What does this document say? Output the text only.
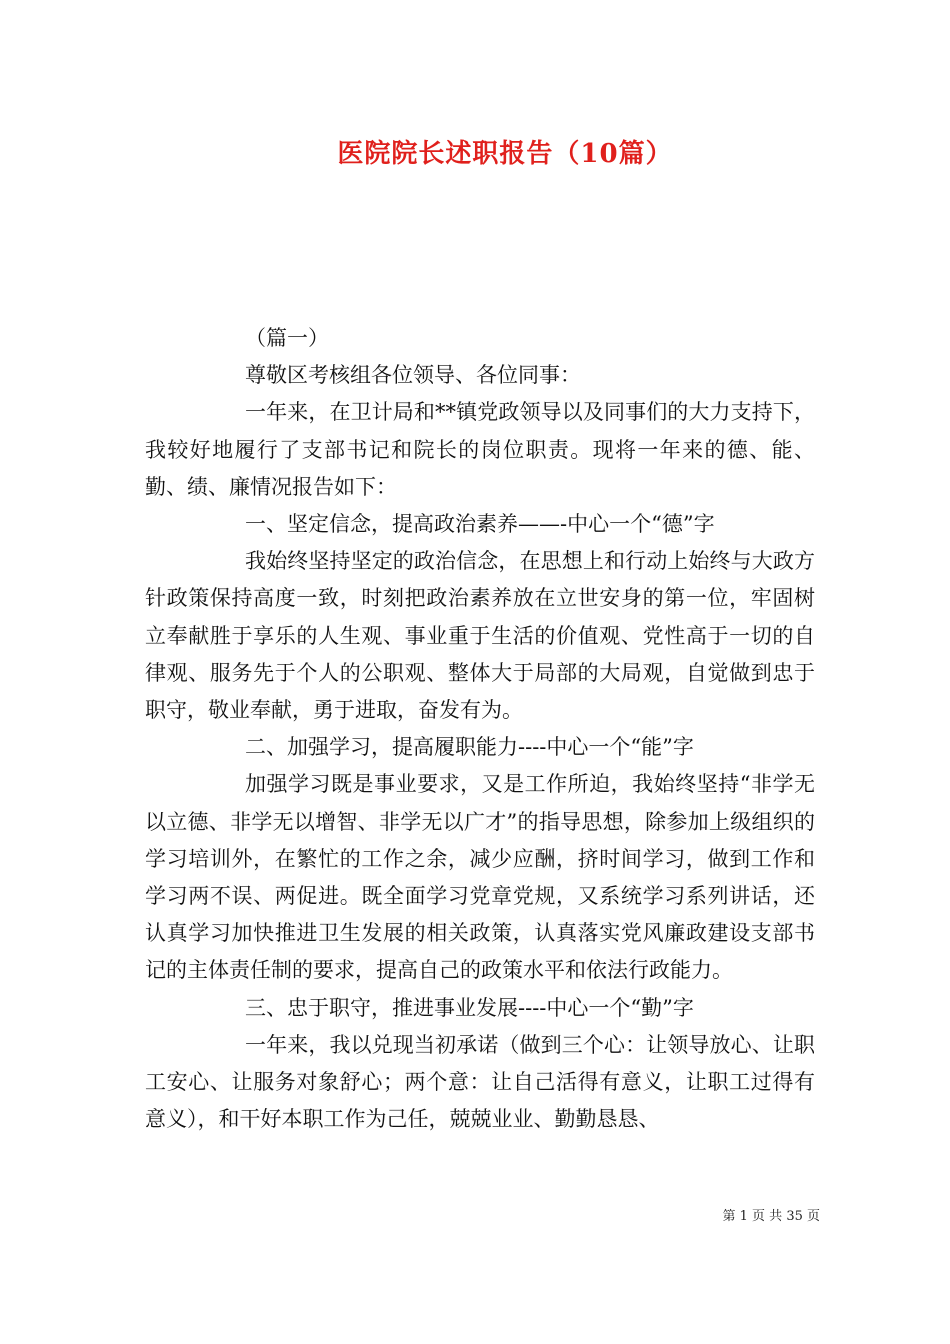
医院院长述职报告（10篇）

（篇一）

尊敬区考核组各位领导、各位同事：

一年来，在卫计局和**镇党政领导以及同事们的大力支持下，我较好地履行了支部书记和院长的岗位职责。现将一年来的德、能、勤、绩、廉情况报告如下：

一、坚定信念，提高政治素养——-中心一个“德”字

我始终坚持坚定的政治信念，在思想上和行动上始终与大政方针政策保持高度一致，时刻把政治素养放在立世安身的第一位，牢固树立奉献胜于享乐的人生观、事业重于生活的价值观、党性高于一切的自律观、服务先于个人的公职观、整体大于局部的大局观，自觉做到忠于职守，敬业奉献，勇于进取，奋发有为。

二、加强学习，提高履职能力----中心一个“能”字

加强学习既是事业要求，又是工作所迫，我始终坚持“非学无以立德、非学无以增智、非学无以广才”的指导思想，除参加上级组织的学习培训外，在繁忙的工作之余，减少应酬，挤时间学习，做到工作和学习两不误、两促进。既全面学习党章党规，又系统学习系列讲话，还认真学习加快推进卫生发展的相关政策，认真落实党风廉政建设支部书记的主体责任制的要求，提高自己的政策水平和依法行政能力。

三、忠于职守，推进事业发展----中心一个“勤”字

一年来，我以兑现当初承诺（做到三个心：让领导放心、让职工安心、让服务对象舒心；两个意：让自己活得有意义，让职工过得有意义），和干好本职工作为己任，兢兢业业、勤勤恳恳、

第 1 页 共 35 页
